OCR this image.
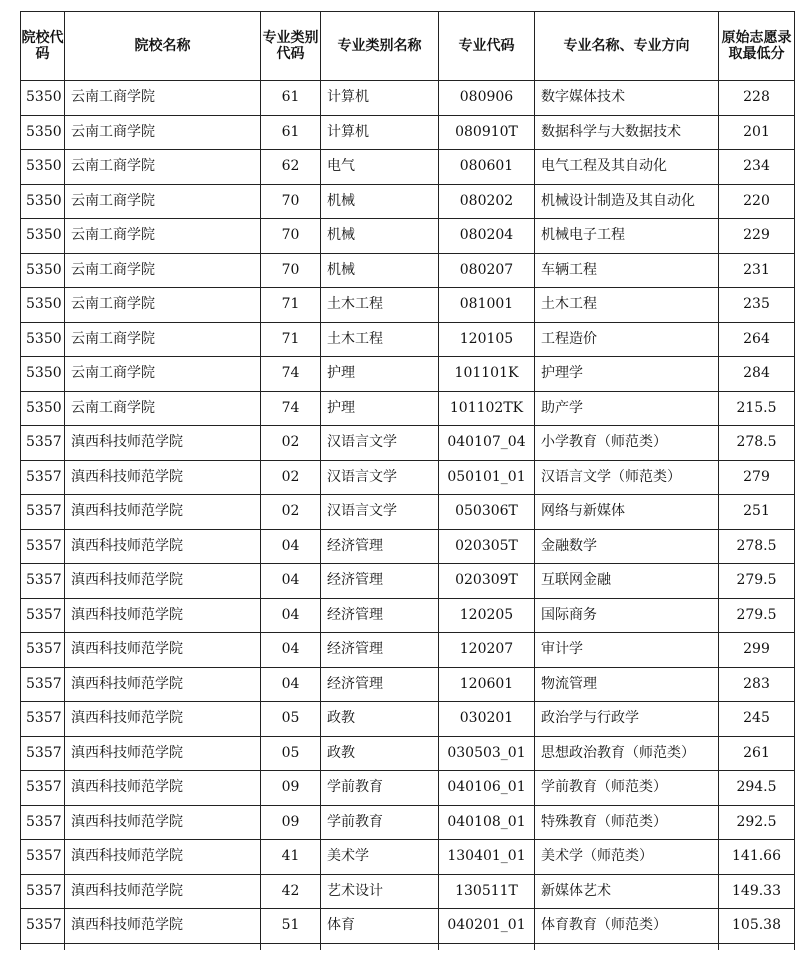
院校代码	院校名称	专业类别代码	专业类别名称	专业代码	专业名称、专业方向	原始志愿录取最低分
5350	云南工商学院	61	计算机	080906	数字媒体技术	228
5350	云南工商学院	61	计算机	080910T	数据科学与大数据技术	201
5350	云南工商学院	62	电气	080601	电气工程及其自动化	234
5350	云南工商学院	70	机械	080202	机械设计制造及其自动化	220
5350	云南工商学院	70	机械	080204	机械电子工程	229
5350	云南工商学院	70	机械	080207	车辆工程	231
5350	云南工商学院	71	土木工程	081001	土木工程	235
5350	云南工商学院	71	土木工程	120105	工程造价	264
5350	云南工商学院	74	护理	101101K	护理学	284
5350	云南工商学院	74	护理	101102TK	助产学	215.5
5357	滇西科技师范学院	02	汉语言文学	040107_04	小学教育（师范类）	278.5
5357	滇西科技师范学院	02	汉语言文学	050101_01	汉语言文学（师范类）	279
5357	滇西科技师范学院	02	汉语言文学	050306T	网络与新媒体	251
5357	滇西科技师范学院	04	经济管理	020305T	金融数学	278.5
5357	滇西科技师范学院	04	经济管理	020309T	互联网金融	279.5
5357	滇西科技师范学院	04	经济管理	120205	国际商务	279.5
5357	滇西科技师范学院	04	经济管理	120207	审计学	299
5357	滇西科技师范学院	04	经济管理	120601	物流管理	283
5357	滇西科技师范学院	05	政教	030201	政治学与行政学	245
5357	滇西科技师范学院	05	政教	030503_01	思想政治教育（师范类）	261
5357	滇西科技师范学院	09	学前教育	040106_01	学前教育（师范类）	294.5
5357	滇西科技师范学院	09	学前教育	040108_01	特殊教育（师范类）	292.5
5357	滇西科技师范学院	41	美术学	130401_01	美术学（师范类）	141.66
5357	滇西科技师范学院	42	艺术设计	130511T	新媒体艺术	149.33
5357	滇西科技师范学院	51	体育	040201_01	体育教育（师范类）	105.38
